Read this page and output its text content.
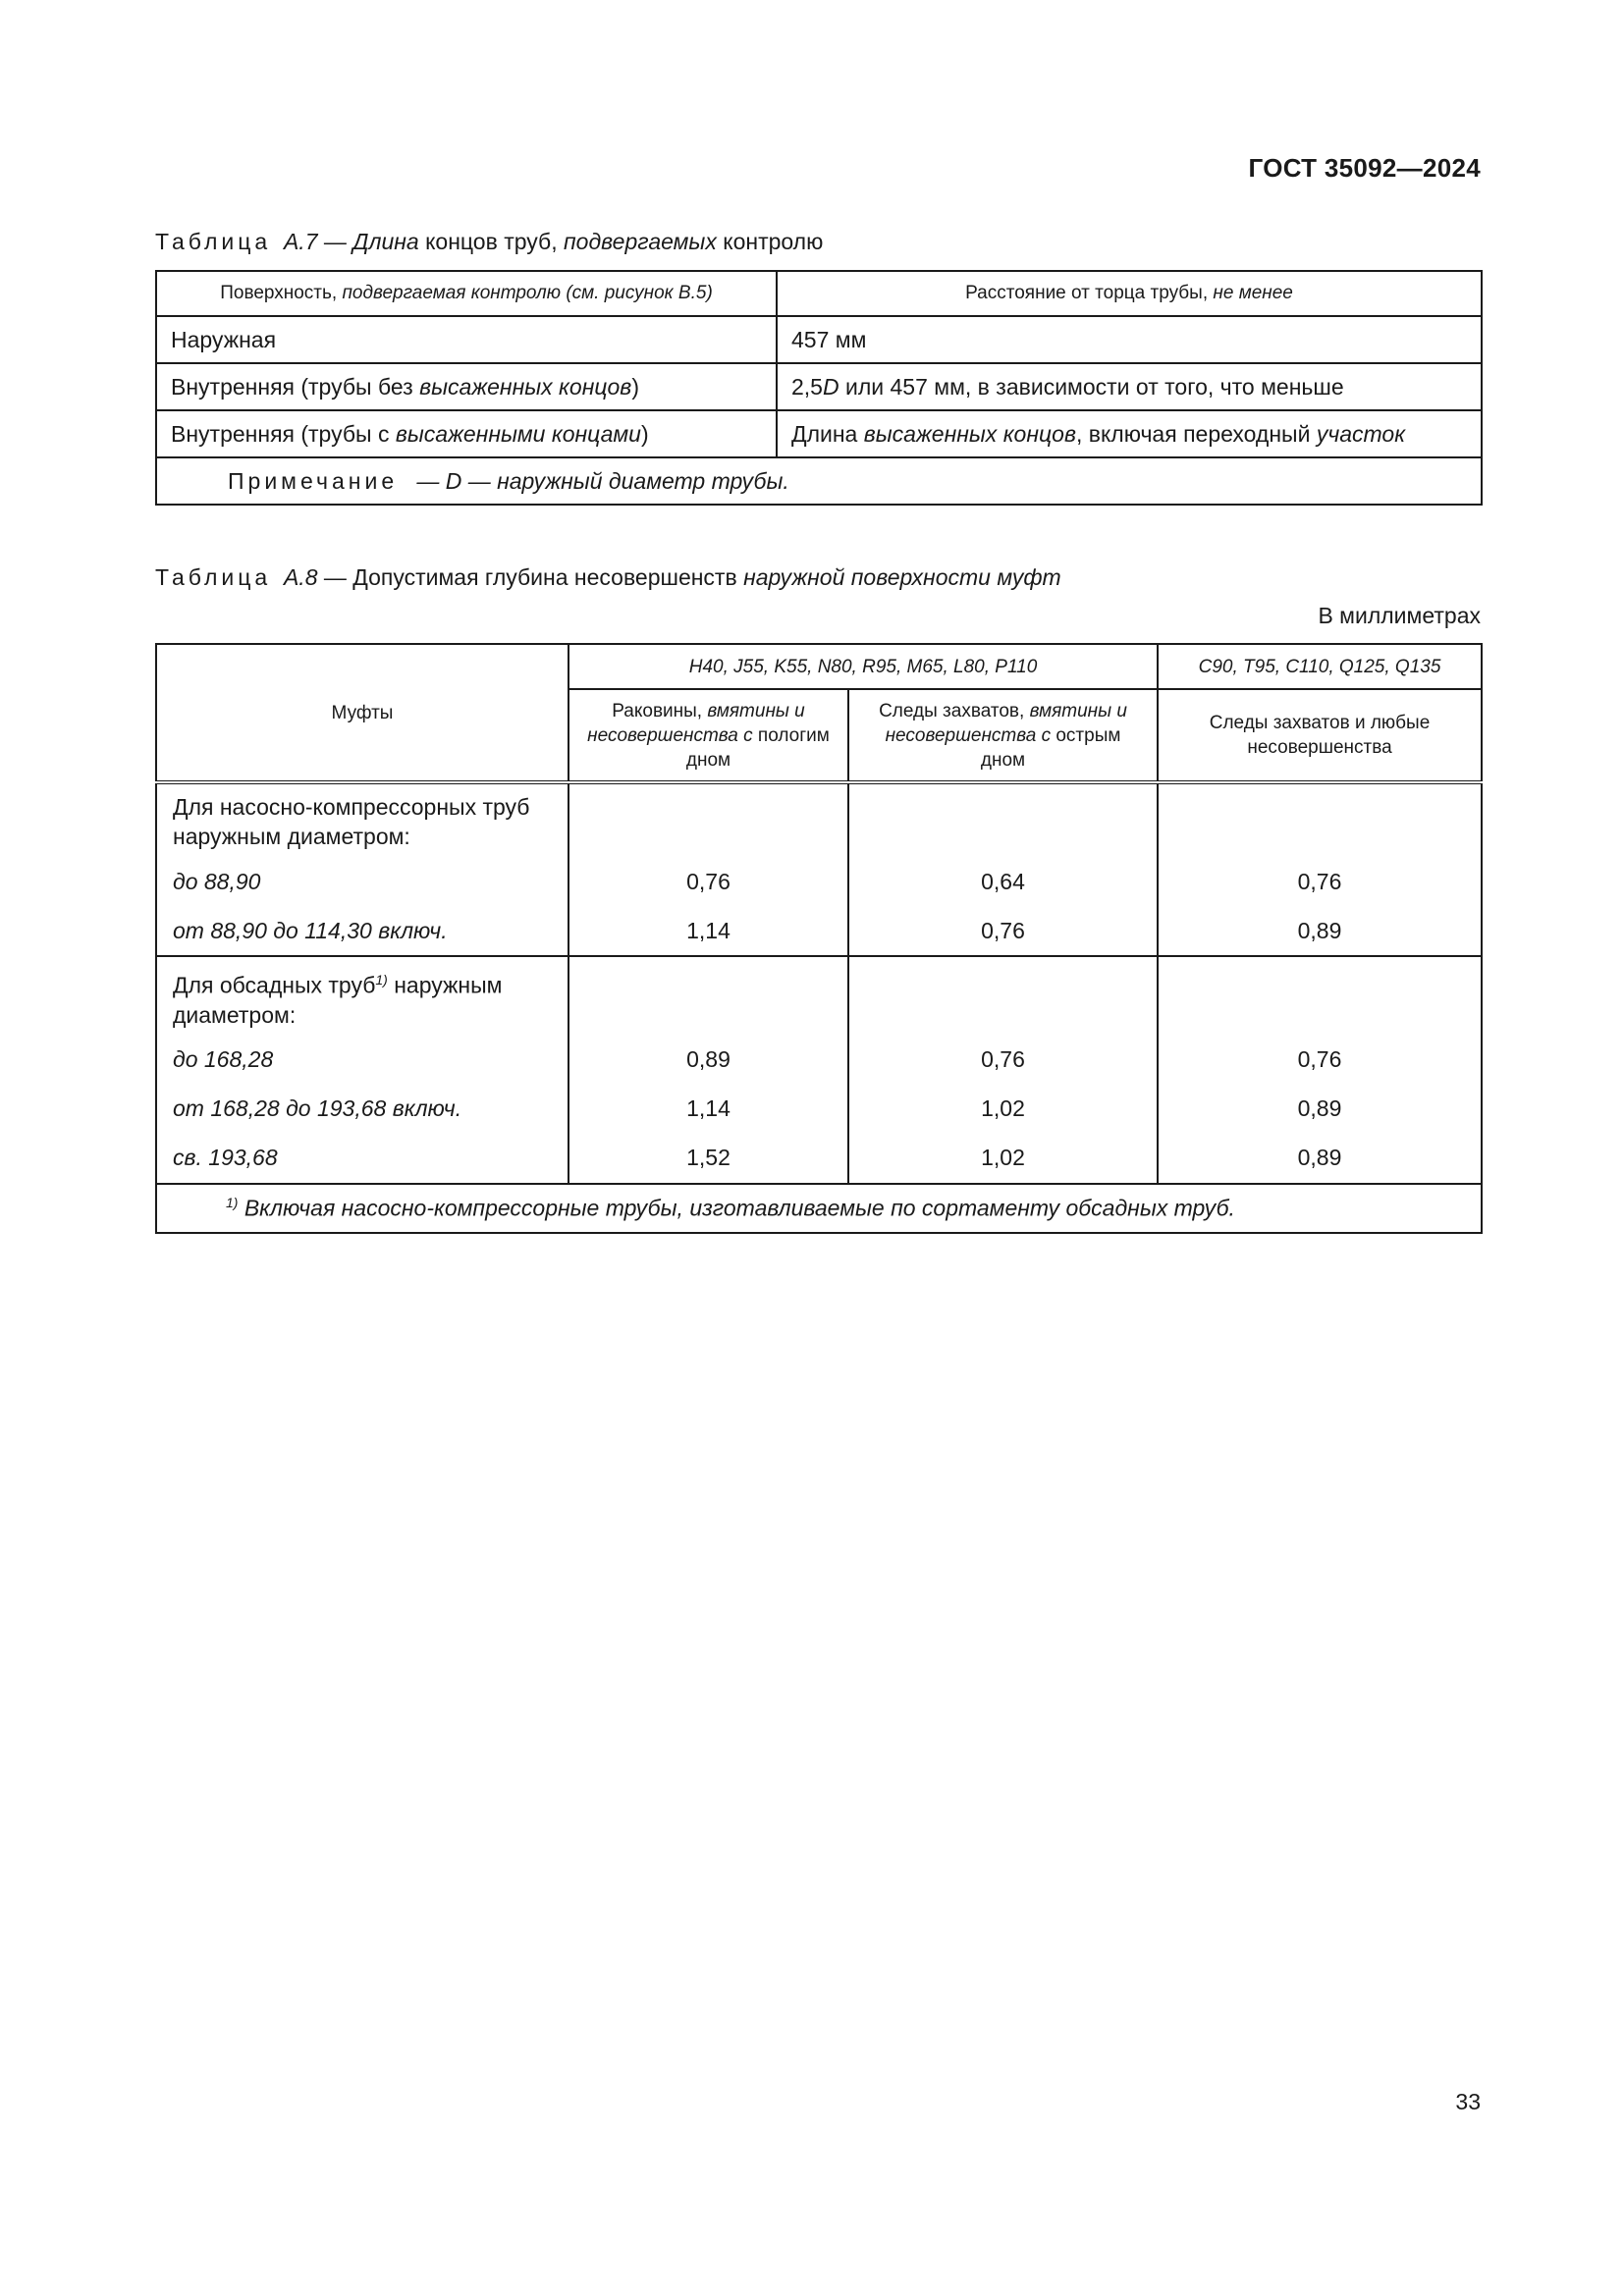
ГОСТ 35092—2024
Таблица А.7 — Длина концов труб, подвергаемых контролю
Поверхность, подвергаемая контролю (см. рисунок В.5)	Расстояние от торца трубы, не менее
Наружная	457 мм
Внутренняя (трубы без высаженных концов)	2,5D или 457 мм, в зависимости от того, что меньше
Внутренняя (трубы с высаженными концами)	Длина высаженных концов, включая переходный участок
Примечание — D — наружный диаметр трубы.	
Таблица А.8 — Допустимая глубина несовершенств наружной поверхности муфт
В миллиметрах
Муфты	H40, J55, K55, N80, R95, M65, L80, P110		C90, T95, C110, Q125, Q135
	Раковины, вмятины и несовершенства с пологим дном	Следы захватов, вмятины и несовершенства с острым дном	Следы захватов и любые несовершенства
Для насосно-компрессорных труб наружным диаметром:			
до 88,90	0,76	0,64	0,76
от 88,90 до 114,30 включ.	1,14	0,76	0,89
Для обсадных труб$^{1)}$ наружным диаметром:			
до 168,28	0,89	0,76	0,76
от 168,28 до 193,68 включ.	1,14	1,02	0,89
св. 193,68	1,52	1,02	0,89
$^{1)}$ Включая насосно-компрессорные трубы, изготавливаемые по сортаменту обсадных труб.			
33
